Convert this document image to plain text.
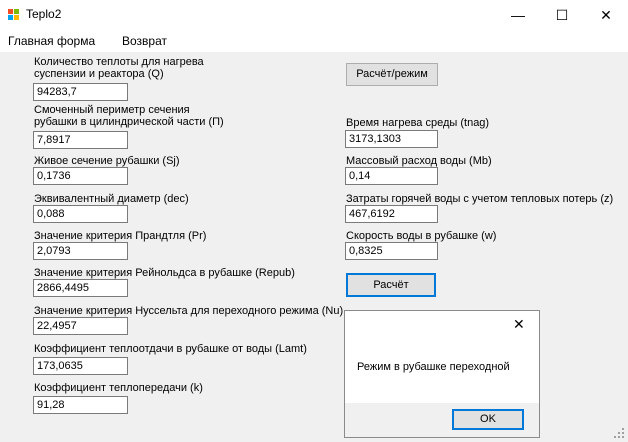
Teplo2	—	☐	✕
Главная форма Возврат
Количество теплоты для нагрева
суспензии и реактора (Q)
94283,7
Смоченный периметр сечения
рубашки в цилиндрической части (П)
7,8917
Живое сечение рубашки (Sj)
0,1736
Эквивалентный диаметр (dec)
0,088
Значение критерия Прандтля (Pr)
2,0793
Значение критерия Рейнольдса в рубашке (Repub)
2866,4495
Значение критерия Нуссельта для переходного режима (Nu)
22,4957
Коэффициент теплоотдачи в рубашке от воды (Lamt)
173,0635
Коэффициент теплопередачи (k)
91,28
Расчёт/режим
Время нагрева среды (tnag)
3173,1303
Массовый расход воды (Mb)
0,14
Затраты горячей воды с учетом тепловых потерь (z)
467,6192
Скорость воды в рубашке (w)
0,8325
Расчёт
✕
Режим в рубашке переходной
OK
